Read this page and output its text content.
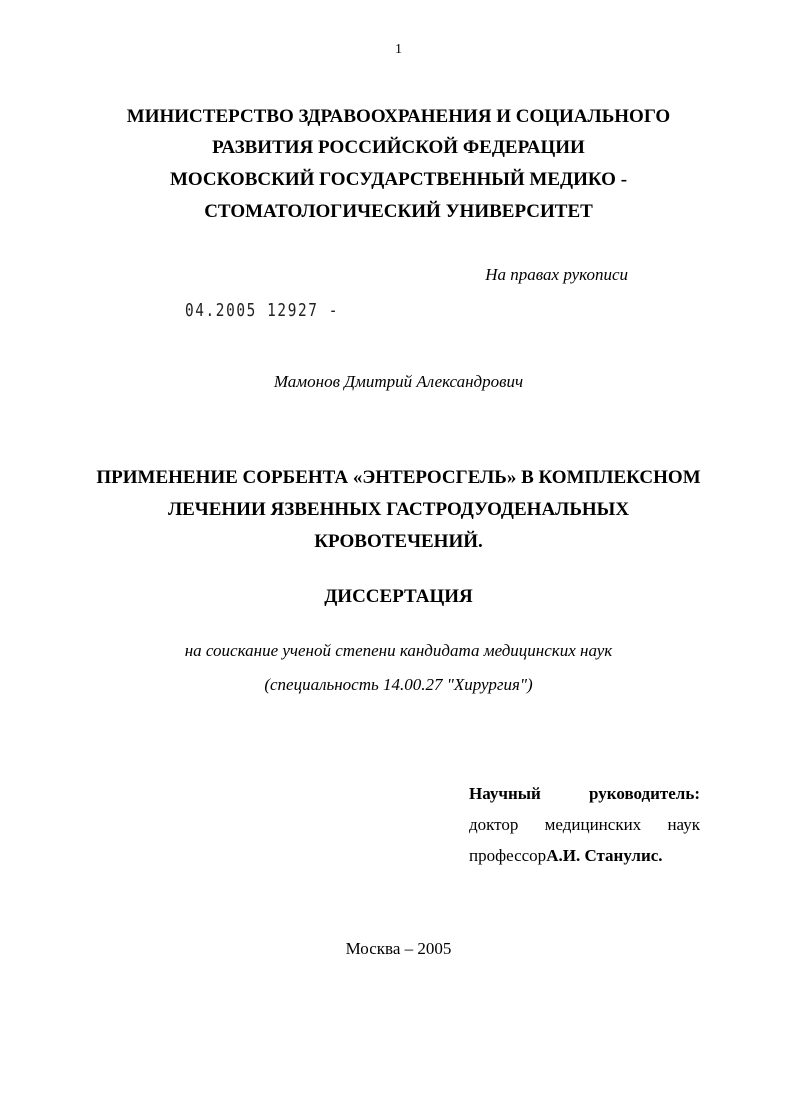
1
МИНИСТЕРСТВО ЗДРАВООХРАНЕНИЯ И СОЦИАЛЬНОГО
РАЗВИТИЯ РОССИЙСКОЙ ФЕДЕРАЦИИ
МОСКОВСКИЙ ГОСУДАРСТВЕННЫЙ МЕДИКО -
СТОМАТОЛОГИЧЕСКИЙ УНИВЕРСИТЕТ
На правах рукописи
04.2005 12927 -
Мамонов Дмитрий Александрович
ПРИМЕНЕНИЕ СОРБЕНТА «ЭНТЕРОСГЕЛЬ» В КОМПЛЕКСНОМ
ЛЕЧЕНИИ ЯЗВЕННЫХ ГАСТРОДУОДЕНАЛЬНЫХ
КРОВОТЕЧЕНИЙ.
ДИССЕРТАЦИЯ
на соискание ученой степени кандидата медицинских наук
(специальность 14.00.27 "Хирургия")
Научный руководитель:
доктор медицинских наук
профессорА.И. Станулис.
Москва – 2005
